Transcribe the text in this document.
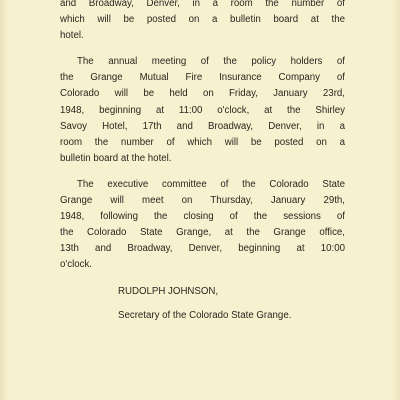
and Broadway, Denver, in a room the number of
which will be posted on a bulletin board at the
hotel.

The annual meeting of the policy holders of
the Grange Mutual Fire Insurance Company of
Colorado will be held on Friday, January 23rd,
1948, beginning at 11:00 o'clock, at the Shirley
Savoy Hotel, 17th and Broadway, Denver, in a
room the number of which will be posted on a
bulletin board at the hotel.

The executive committee of the Colorado State
Grange will meet on Thursday, January 29th,
1948, following the closing of the sessions of
the Colorado State Grange, at the Grange office,
13th and Broadway, Denver, beginning at 10:00
o'clock.

RUDOLPH JOHNSON,
Secretary of the Colorado State Grange.
